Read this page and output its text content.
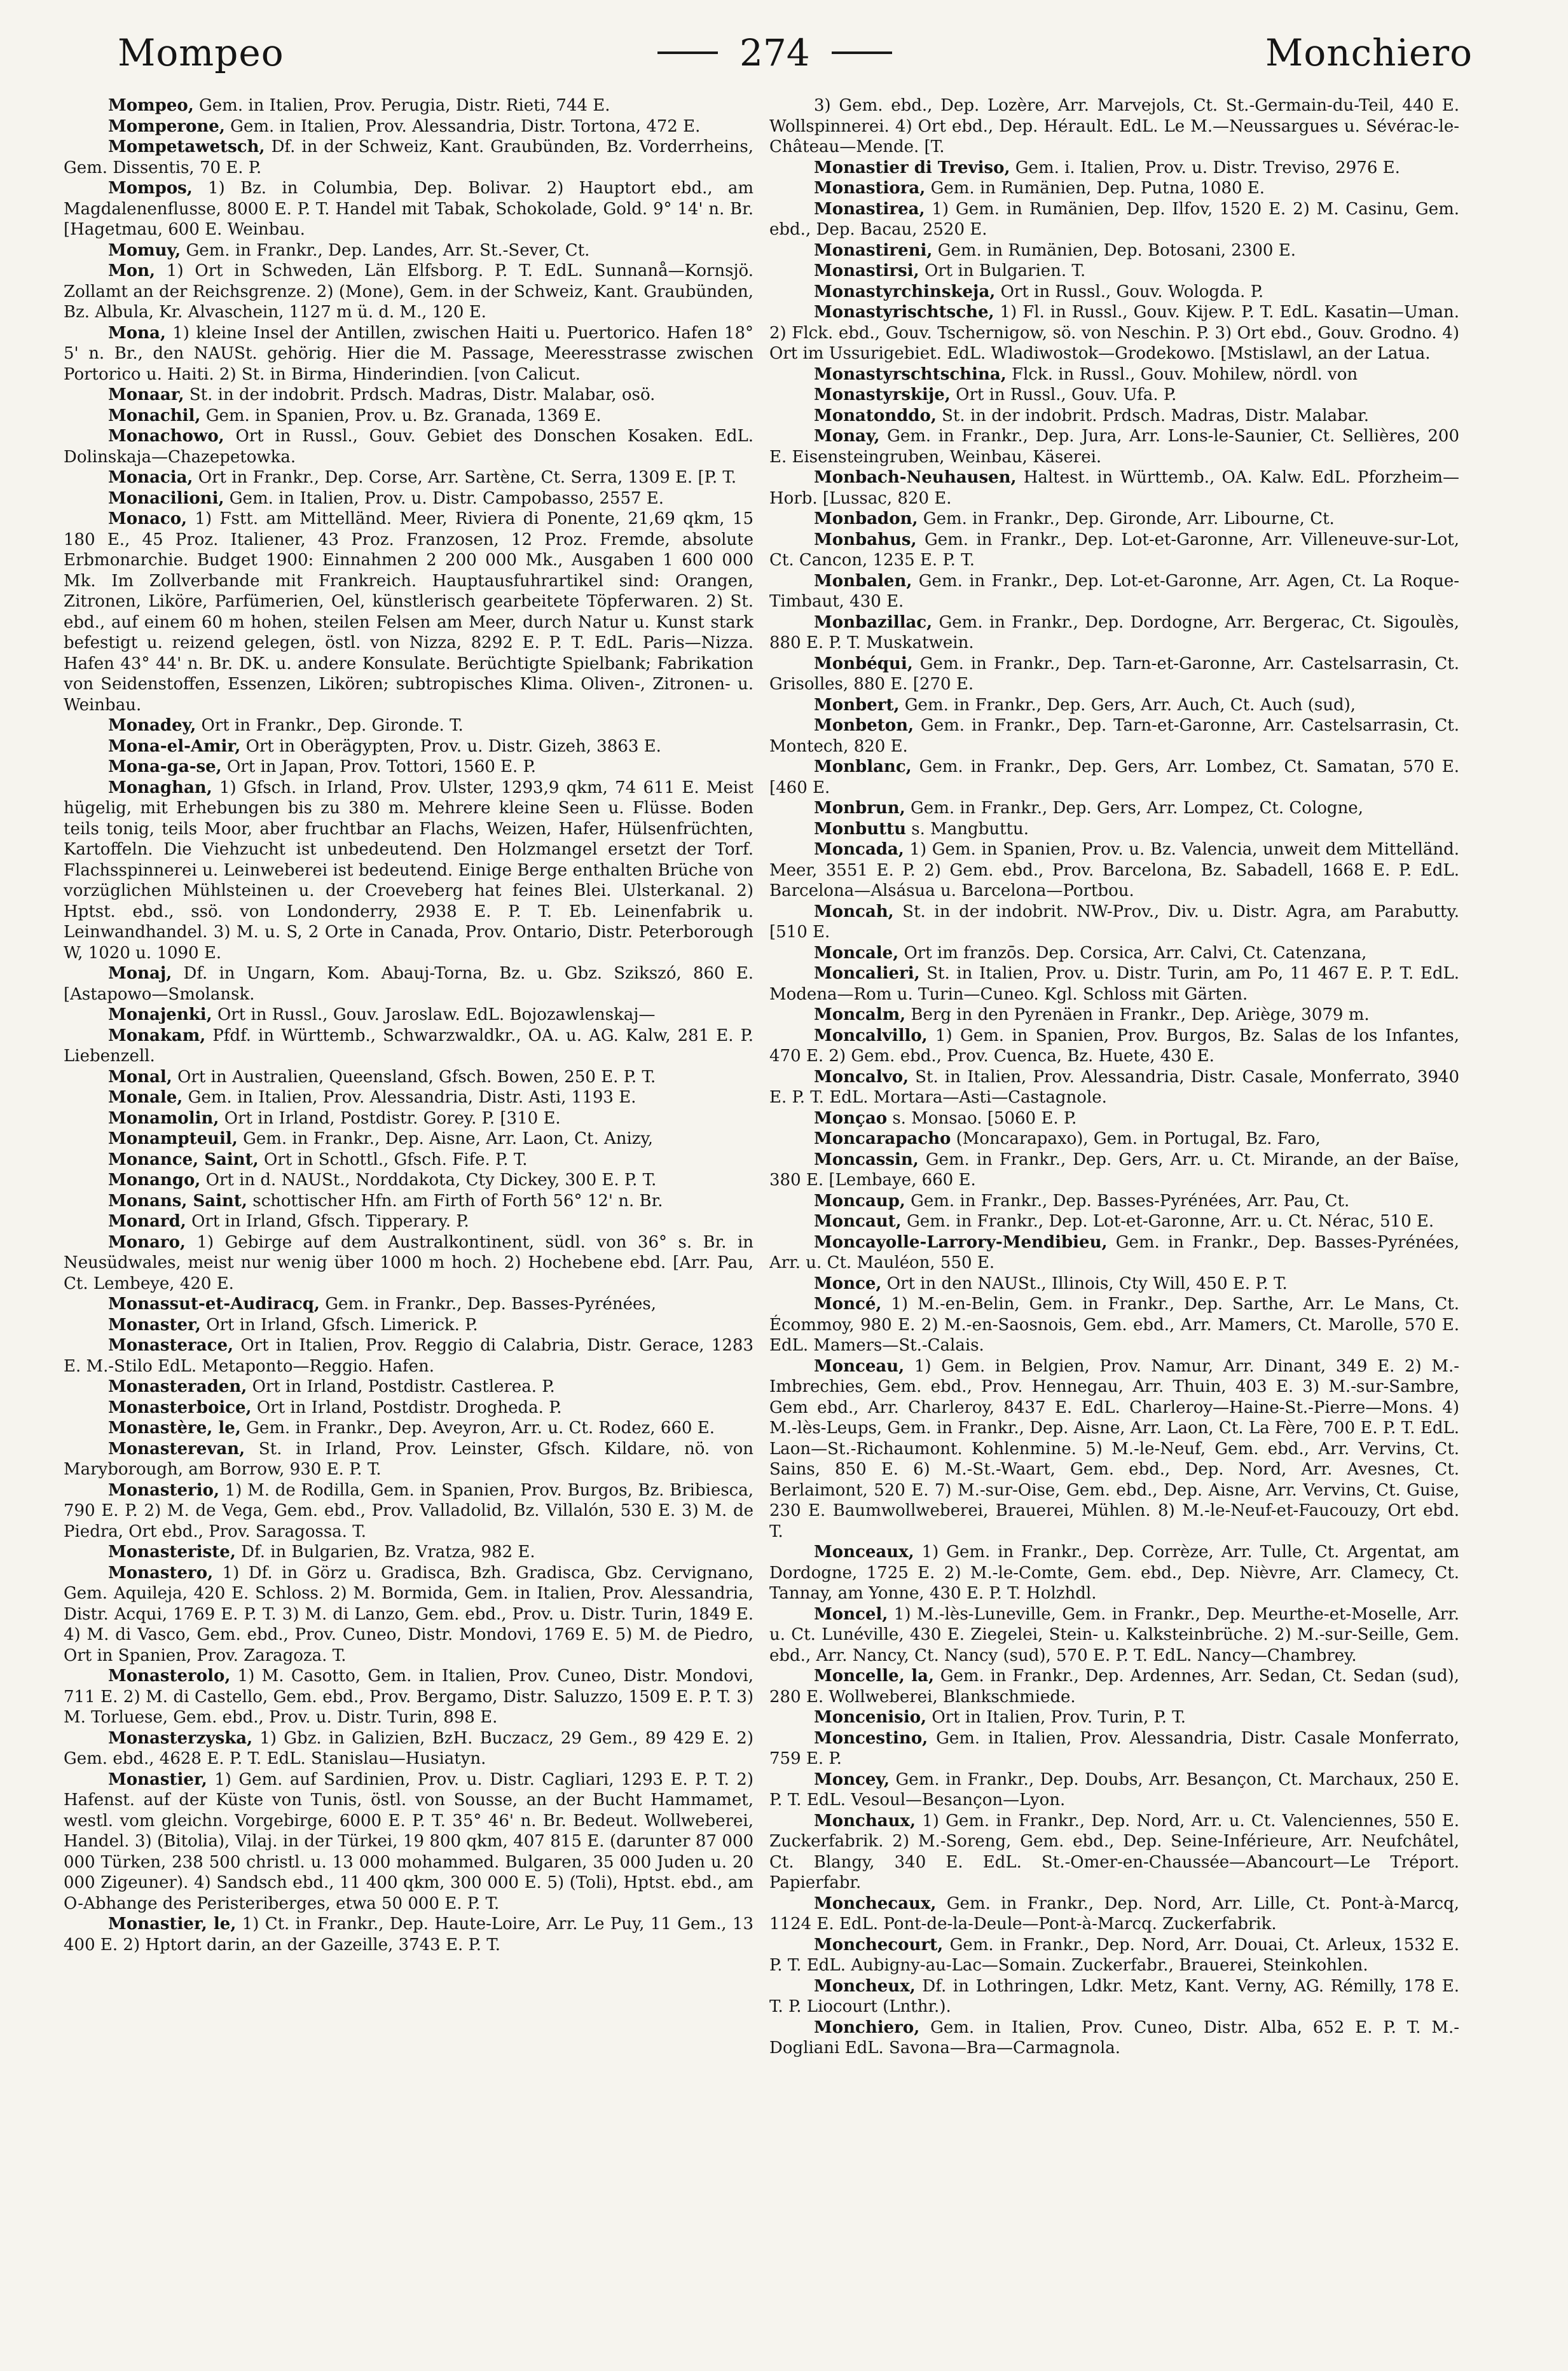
Mompeo	274	Monchiero

Mompeo, Gem. in Italien, Prov. Perugia, Distr. Rieti, 744 E.

Momperone, Gem. in Italien, Prov. Alessandria, Distr. Tortona, 472 E.

Mompetawetsch, Df. in der Schweiz, Kant. Graubünden, Bz. Vorderrheins, Gem. Dissentis, 70 E. P.

Mompos, 1) Bz. in Columbia, Dep. Bolivar. 2) Hauptort ebd., am Magdalenenflusse, 8000 E. P. T. Handel mit Tabak, Schokolade, Gold. 9° 14' n. Br. [Hagetmau, 600 E. Weinbau.

Momuy, Gem. in Frankr., Dep. Landes, Arr. St.-Sever, Ct.

Mon, 1) Ort in Schweden, Län Elfsborg. P. T. EdL. Sunnanå—Kornsjö. Zollamt an der Reichsgrenze. 2) (Mone), Gem. in der Schweiz, Kant. Graubünden, Bz. Albula, Kr. Alvaschein, 1127 m ü. d. M., 120 E.

Mona, 1) kleine Insel der Antillen, zwischen Haiti u. Puertorico. Hafen 18° 5' n. Br., den NAUSt. gehörig. Hier die M. Passage, Meeresstrasse zwischen Portorico u. Haiti. 2) St. in Birma, Hinderindien. [von Calicut.

Monaar, St. in der indobrit. Prdsch. Madras, Distr. Malabar, osö.

Monachil, Gem. in Spanien, Prov. u. Bz. Granada, 1369 E.

Monachowo, Ort in Russl., Gouv. Gebiet des Donschen Kosaken. EdL. Dolinskaja—Chazepetowka.

Monacia, Ort in Frankr., Dep. Corse, Arr. Sartène, Ct. Serra, 1309 E. [P. T.

Monacilioni, Gem. in Italien, Prov. u. Distr. Campobasso, 2557 E.

Monaco, 1) Fstt. am Mittelländ. Meer, Riviera di Ponente, 21,69 qkm, 15 180 E., 45 Proz. Italiener, 43 Proz. Franzosen, 12 Proz. Fremde, absolute Erbmonarchie. Budget 1900: Einnahmen 2 200 000 Mk., Ausgaben 1 600 000 Mk. Im Zollverbande mit Frankreich. Hauptausfuhrartikel sind: Orangen, Zitronen, Liköre, Parfümerien, Oel, künstlerisch gearbeitete Töpferwaren. 2) St. ebd., auf einem 60 m hohen, steilen Felsen am Meer, durch Natur u. Kunst stark befestigt u. reizend gelegen, östl. von Nizza, 8292 E. P. T. EdL. Paris—Nizza. Hafen 43° 44' n. Br. DK. u. andere Konsulate. Berüchtigte Spielbank; Fabrikation von Seidenstoffen, Essenzen, Likören; subtropisches Klima. Oliven-, Zitronen- u. Weinbau.

Monadey, Ort in Frankr., Dep. Gironde. T.

Mona-el-Amir, Ort in Oberägypten, Prov. u. Distr. Gizeh, 3863 E.

Mona-ga-se, Ort in Japan, Prov. Tottori, 1560 E. P.

Monaghan, 1) Gfsch. in Irland, Prov. Ulster, 1293,9 qkm, 74 611 E. Meist hügelig, mit Erhebungen bis zu 380 m. Mehrere kleine Seen u. Flüsse. Boden teils tonig, teils Moor, aber fruchtbar an Flachs, Weizen, Hafer, Hülsenfrüchten, Kartoffeln. Die Viehzucht ist unbedeutend. Den Holzmangel ersetzt der Torf. Flachsspinnerei u. Leinweberei ist bedeutend. Einige Berge enthalten Brüche von vorzüglichen Mühlsteinen u. der Croeveberg hat feines Blei. Ulsterkanal. 2) Hptst. ebd., ssö. von Londonderry, 2938 E. P. T. Eb. Leinenfabrik u. Leinwandhandel. 3) M. u. S, 2 Orte in Canada, Prov. Ontario, Distr. Peterborough W, 1020 u. 1090 E.

Monaj, Df. in Ungarn, Kom. Abauj-Torna, Bz. u. Gbz. Szikszó, 860 E. [Astapowo—Smolansk.

Monajenki, Ort in Russl., Gouv. Jaroslaw. EdL. Bojozawlenskaj—

Monakam, Pfdf. in Württemb., Schwarzwaldkr., OA. u. AG. Kalw, 281 E. P. Liebenzell.

Monal, Ort in Australien, Queensland, Gfsch. Bowen, 250 E. P. T.

Monale, Gem. in Italien, Prov. Alessandria, Distr. Asti, 1193 E.

Monamolin, Ort in Irland, Postdistr. Gorey. P. [310 E.

Monampteuil, Gem. in Frankr., Dep. Aisne, Arr. Laon, Ct. Anizy,

Monance, Saint, Ort in Schottl., Gfsch. Fife. P. T.

Monango, Ort in d. NAUSt., Norddakota, Cty Dickey, 300 E. P. T.

Monans, Saint, schottischer Hfn. am Firth of Forth 56° 12' n. Br.

Monard, Ort in Irland, Gfsch. Tipperary. P.

Monaro, 1) Gebirge auf dem Australkontinent, südl. von 36° s. Br. in Neusüdwales, meist nur wenig über 1000 m hoch. 2) Hochebene ebd. [Arr. Pau, Ct. Lembeye, 420 E.

Monassut-et-Audiracq, Gem. in Frankr., Dep. Basses-Pyrénées,

Monaster, Ort in Irland, Gfsch. Limerick. P.

Monasterace, Ort in Italien, Prov. Reggio di Calabria, Distr. Gerace, 1283 E. M.-Stilo EdL. Metaponto—Reggio. Hafen.

Monasteraden, Ort in Irland, Postdistr. Castlerea. P.

Monasterboice, Ort in Irland, Postdistr. Drogheda. P.

Monastère, le, Gem. in Frankr., Dep. Aveyron, Arr. u. Ct. Rodez, 660 E.

Monasterevan, St. in Irland, Prov. Leinster, Gfsch. Kildare, nö. von Maryborough, am Borrow, 930 E. P. T.

Monasterio, 1) M. de Rodilla, Gem. in Spanien, Prov. Burgos, Bz. Bribiesca, 790 E. P. 2) M. de Vega, Gem. ebd., Prov. Valladolid, Bz. Villalón, 530 E. 3) M. de Piedra, Ort ebd., Prov. Saragossa. T.

Monasteriste, Df. in Bulgarien, Bz. Vratza, 982 E.

Monastero, 1) Df. in Görz u. Gradisca, Bzh. Gradisca, Gbz. Cervignano, Gem. Aquileja, 420 E. Schloss. 2) M. Bormida, Gem. in Italien, Prov. Alessandria, Distr. Acqui, 1769 E. P. T. 3) M. di Lanzo, Gem. ebd., Prov. u. Distr. Turin, 1849 E. 4) M. di Vasco, Gem. ebd., Prov. Cuneo, Distr. Mondovi, 1769 E. 5) M. de Piedro, Ort in Spanien, Prov. Zaragoza. T.

Monasterolo, 1) M. Casotto, Gem. in Italien, Prov. Cuneo, Distr. Mondovi, 711 E. 2) M. di Castello, Gem. ebd., Prov. Bergamo, Distr. Saluzzo, 1509 E. P. T. 3) M. Torluese, Gem. ebd., Prov. u. Distr. Turin, 898 E.

Monasterzyska, 1) Gbz. in Galizien, BzH. Buczacz, 29 Gem., 89 429 E. 2) Gem. ebd., 4628 E. P. T. EdL. Stanislau—Husiatyn.

Monastier, 1) Gem. auf Sardinien, Prov. u. Distr. Cagliari, 1293 E. P. T. 2) Hafenst. auf der Küste von Tunis, östl. von Sousse, an der Bucht Hammamet, westl. vom gleichn. Vorgebirge, 6000 E. P. T. 35° 46' n. Br. Bedeut. Wollweberei, Handel. 3) (Bitolia), Vilaj. in der Türkei, 19 800 qkm, 407 815 E. (darunter 87 000 000 Türken, 238 500 christl. u. 13 000 mohammed. Bulgaren, 35 000 Juden u. 20 000 Zigeuner). 4) Sandsch ebd., 11 400 qkm, 300 000 E. 5) (Toli), Hptst. ebd., am O-Abhange des Peristeriberges, etwa 50 000 E. P. T.

Monastier, le, 1) Ct. in Frankr., Dep. Haute-Loire, Arr. Le Puy, 11 Gem., 13 400 E. 2) Hptort darin, an der Gazeille, 3743 E. P. T.

3) Gem. ebd., Dep. Lozère, Arr. Marvejols, Ct. St.-Germain-du-Teil, 440 E. Wollspinnerei. 4) Ort ebd., Dep. Hérault. EdL. Le M.—Neussargues u. Sévérac-le-Château—Mende. [T.

Monastier di Treviso, Gem. i. Italien, Prov. u. Distr. Treviso, 2976 E.

Monastiora, Gem. in Rumänien, Dep. Putna, 1080 E.

Monastirea, 1) Gem. in Rumänien, Dep. Ilfov, 1520 E. 2) M. Casinu, Gem. ebd., Dep. Bacau, 2520 E.

Monastireni, Gem. in Rumänien, Dep. Botosani, 2300 E.

Monastirsi, Ort in Bulgarien. T.

Monastyrchinskeja, Ort in Russl., Gouv. Wologda. P.

Monastyrischtsche, 1) Fl. in Russl., Gouv. Kijew. P. T. EdL. Kasatin—Uman. 2) Flck. ebd., Gouv. Tschernigow, sö. von Neschin. P. 3) Ort ebd., Gouv. Grodno. 4) Ort im Ussurigebiet. EdL. Wladiwostok—Grodekowo. [Mstislawl, an der Latua.

Monastyrschtschina, Flck. in Russl., Gouv. Mohilew, nördl. von

Monastyrskije, Ort in Russl., Gouv. Ufa. P.

Monatonddo, St. in der indobrit. Prdsch. Madras, Distr. Malabar.

Monay, Gem. in Frankr., Dep. Jura, Arr. Lons-le-Saunier, Ct. Sellières, 200 E. Eisensteingruben, Weinbau, Käserei.

Monbach-Neuhausen, Haltest. in Württemb., OA. Kalw. EdL. Pforzheim—Horb. [Lussac, 820 E.

Monbadon, Gem. in Frankr., Dep. Gironde, Arr. Libourne, Ct.

Monbahus, Gem. in Frankr., Dep. Lot-et-Garonne, Arr. Villeneuve-sur-Lot, Ct. Cancon, 1235 E. P. T.

Monbalen, Gem. in Frankr., Dep. Lot-et-Garonne, Arr. Agen, Ct. La Roque-Timbaut, 430 E.

Monbazillac, Gem. in Frankr., Dep. Dordogne, Arr. Bergerac, Ct. Sigoulès, 880 E. P. T. Muskatwein.

Monbéqui, Gem. in Frankr., Dep. Tarn-et-Garonne, Arr. Castelsarrasin, Ct. Grisolles, 880 E. [270 E.

Monbert, Gem. in Frankr., Dep. Gers, Arr. Auch, Ct. Auch (sud),

Monbeton, Gem. in Frankr., Dep. Tarn-et-Garonne, Arr. Castelsarrasin, Ct. Montech, 820 E.

Monblanc, Gem. in Frankr., Dep. Gers, Arr. Lombez, Ct. Samatan, 570 E. [460 E.

Monbrun, Gem. in Frankr., Dep. Gers, Arr. Lompez, Ct. Cologne,

Monbuttu s. Mangbuttu.

Moncada, 1) Gem. in Spanien, Prov. u. Bz. Valencia, unweit dem Mittelländ. Meer, 3551 E. P. 2) Gem. ebd., Prov. Barcelona, Bz. Sabadell, 1668 E. P. EdL. Barcelona—Alsásua u. Barcelona—Portbou.

Moncah, St. in der indobrit. NW-Prov., Div. u. Distr. Agra, am Parabutty. [510 E.

Moncale, Ort im franzōs. Dep. Corsica, Arr. Calvi, Ct. Catenzana,

Moncalieri, St. in Italien, Prov. u. Distr. Turin, am Po, 11 467 E. P. T. EdL. Modena—Rom u. Turin—Cuneo. Kgl. Schloss mit Gärten.

Moncalm, Berg in den Pyrenäen in Frankr., Dep. Ariège, 3079 m.

Moncalvillo, 1) Gem. in Spanien, Prov. Burgos, Bz. Salas de los Infantes, 470 E. 2) Gem. ebd., Prov. Cuenca, Bz. Huete, 430 E.

Moncalvo, St. in Italien, Prov. Alessandria, Distr. Casale, Monferrato, 3940 E. P. T. EdL. Mortara—Asti—Castagnole.

Monçao s. Monsao. [5060 E. P.

Moncarapacho (Moncarapaxo), Gem. in Portugal, Bz. Faro,

Moncassin, Gem. in Frankr., Dep. Gers, Arr. u. Ct. Mirande, an der Baïse, 380 E. [Lembaye, 660 E.

Moncaup, Gem. in Frankr., Dep. Basses-Pyrénées, Arr. Pau, Ct.

Moncaut, Gem. in Frankr., Dep. Lot-et-Garonne, Arr. u. Ct. Nérac, 510 E.

Moncayolle-Larrory-Mendibieu, Gem. in Frankr., Dep. Basses-Pyrénées, Arr. u. Ct. Mauléon, 550 E.

Monce, Ort in den NAUSt., Illinois, Cty Will, 450 E. P. T.

Moncé, 1) M.-en-Belin, Gem. in Frankr., Dep. Sarthe, Arr. Le Mans, Ct. Écommoy, 980 E. 2) M.-en-Saosnois, Gem. ebd., Arr. Mamers, Ct. Marolle, 570 E. EdL. Mamers—St.-Calais.

Monceau, 1) Gem. in Belgien, Prov. Namur, Arr. Dinant, 349 E. 2) M.-Imbrechies, Gem. ebd., Prov. Hennegau, Arr. Thuin, 403 E. 3) M.-sur-Sambre, Gem ebd., Arr. Charleroy, 8437 E. EdL. Charleroy—Haine-St.-Pierre—Mons. 4) M.-lès-Leups, Gem. in Frankr., Dep. Aisne, Arr. Laon, Ct. La Fère, 700 E. P. T. EdL. Laon—St.-Richaumont. Kohlenmine. 5) M.-le-Neuf, Gem. ebd., Arr. Vervins, Ct. Sains, 850 E. 6) M.-St.-Waart, Gem. ebd., Dep. Nord, Arr. Avesnes, Ct. Berlaimont, 520 E. 7) M.-sur-Oise, Gem. ebd., Dep. Aisne, Arr. Vervins, Ct. Guise, 230 E. Baumwollweberei, Brauerei, Mühlen. 8) M.-le-Neuf-et-Faucouzy, Ort ebd. T.

Monceaux, 1) Gem. in Frankr., Dep. Corrèze, Arr. Tulle, Ct. Argentat, am Dordogne, 1725 E. 2) M.-le-Comte, Gem. ebd., Dep. Nièvre, Arr. Clamecy, Ct. Tannay, am Yonne, 430 E. P. T. Holzhdl.

Moncel, 1) M.-lès-Luneville, Gem. in Frankr., Dep. Meurthe-et-Moselle, Arr. u. Ct. Lunéville, 430 E. Ziegelei, Stein- u. Kalksteinbrüche. 2) M.-sur-Seille, Gem. ebd., Arr. Nancy, Ct. Nancy (sud), 570 E. P. T. EdL. Nancy—Chambrey.

Moncelle, la, Gem. in Frankr., Dep. Ardennes, Arr. Sedan, Ct. Sedan (sud), 280 E. Wollweberei, Blankschmiede.

Moncenisio, Ort in Italien, Prov. Turin, P. T.

Moncestino, Gem. in Italien, Prov. Alessandria, Distr. Casale Monferrato, 759 E. P.

Moncey, Gem. in Frankr., Dep. Doubs, Arr. Besançon, Ct. Marchaux, 250 E. P. T. EdL. Vesoul—Besançon—Lyon.

Monchaux, 1) Gem. in Frankr., Dep. Nord, Arr. u. Ct. Valenciennes, 550 E. Zuckerfabrik. 2) M.-Soreng, Gem. ebd., Dep. Seine-Inférieure, Arr. Neufchâtel, Ct. Blangy, 340 E. EdL. St.-Omer-en-Chaussée—Abancourt—Le Tréport. Papierfabr.

Monchecaux, Gem. in Frankr., Dep. Nord, Arr. Lille, Ct. Pont-à-Marcq, 1124 E. EdL. Pont-de-la-Deule—Pont-à-Marcq. Zuckerfabrik.

Monchecourt, Gem. in Frankr., Dep. Nord, Arr. Douai, Ct. Arleux, 1532 E. P. T. EdL. Aubigny-au-Lac—Somain. Zuckerfabr., Brauerei, Steinkohlen.

Moncheux, Df. in Lothringen, Ldkr. Metz, Kant. Verny, AG. Rémilly, 178 E. T. P. Liocourt (Lnthr.).

Monchiero, Gem. in Italien, Prov. Cuneo, Distr. Alba, 652 E. P. T. M.-Dogliani EdL. Savona—Bra—Carmagnola.
